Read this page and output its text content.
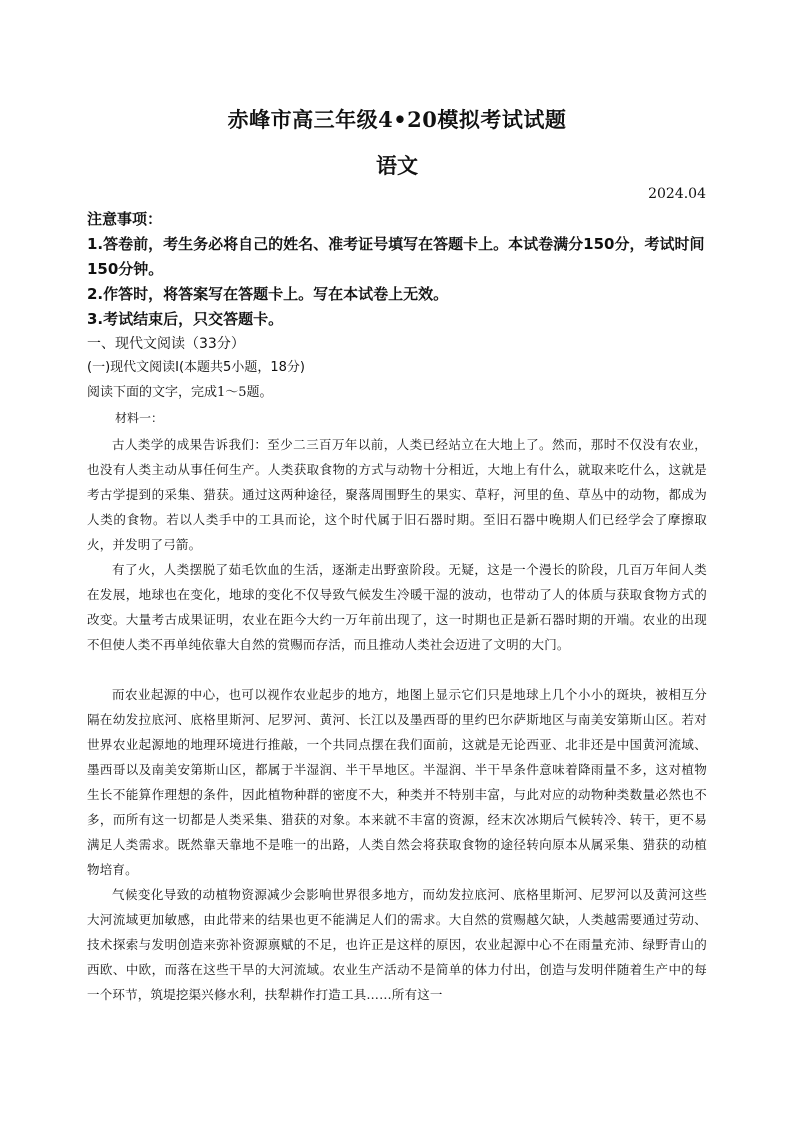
赤峰市高三年级4•20模拟考试试题
语文
2024.04
注意事项：
1.答卷前，考生务必将自己的姓名、准考证号填写在答题卡上。本试卷满分150分，考试时间150分钟。
2.作答时，将答案写在答题卡上。写在本试卷上无效。
3.考试结束后，只交答题卡。
一、现代文阅读（33分）
(一)现代文阅读Ⅰ(本题共5小题，18分)
阅读下面的文字，完成1～5题。
材料一：
古人类学的成果告诉我们：至少二三百万年以前，人类已经站立在大地上了。然而，那时不仅没有农业，也没有人类主动从事任何生产。人类获取食物的方式与动物十分相近，大地上有什么，就取来吃什么，这就是考古学提到的采集、猎获。通过这两种途径，聚落周围野生的果实、草籽，河里的鱼、草丛中的动物，都成为人类的食物。若以人类手中的工具而论，这个时代属于旧石器时期。至旧石器中晚期人们已经学会了摩擦取火，并发明了弓箭。
有了火，人类摆脱了茹毛饮血的生活，逐渐走出野蛮阶段。无疑，这是一个漫长的阶段，几百万年间人类在发展，地球也在变化，地球的变化不仅导致气候发生冷暖干湿的波动，也带动了人的体质与获取食物方式的改变。大量考古成果证明，农业在距今大约一万年前出现了，这一时期也正是新石器时期的开端。农业的出现不但使人类不再单纯依靠大自然的赏赐而存活，而且推动人类社会迈进了文明的大门。
而农业起源的中心，也可以视作农业起步的地方，地图上显示它们只是地球上几个小小的斑块，被相互分隔在幼发拉底河、底格里斯河、尼罗河、黄河、长江以及墨西哥的里约巴尔萨斯地区与南美安第斯山区。若对世界农业起源地的地理环境进行推敲，一个共同点摆在我们面前，这就是无论西亚、北非还是中国黄河流域、墨西哥以及南美安第斯山区，都属于半湿润、半干旱地区。半湿润、半干旱条件意味着降雨量不多，这对植物生长不能算作理想的条件，因此植物种群的密度不大，种类并不特别丰富，与此对应的动物种类数量必然也不多，而所有这一切都是人类采集、猎获的对象。本来就不丰富的资源，经末次冰期后气候转冷、转干，更不易满足人类需求。既然靠天靠地不是唯一的出路，人类自然会将获取食物的途径转向原本从属采集、猎获的动植物培育。
气候变化导致的动植物资源减少会影响世界很多地方，而幼发拉底河、底格里斯河、尼罗河以及黄河这些大河流域更加敏感，由此带来的结果也更不能满足人们的需求。大自然的赏赐越欠缺，人类越需要通过劳动、技术探索与发明创造来弥补资源禀赋的不足，也许正是这样的原因，农业起源中心不在雨量充沛、绿野青山的西欧、中欧，而落在这些干旱的大河流域。农业生产活动不是简单的体力付出，创造与发明伴随着生产中的每一个环节，筑堤挖渠兴修水利，扶犁耕作打造工具……所有这一
